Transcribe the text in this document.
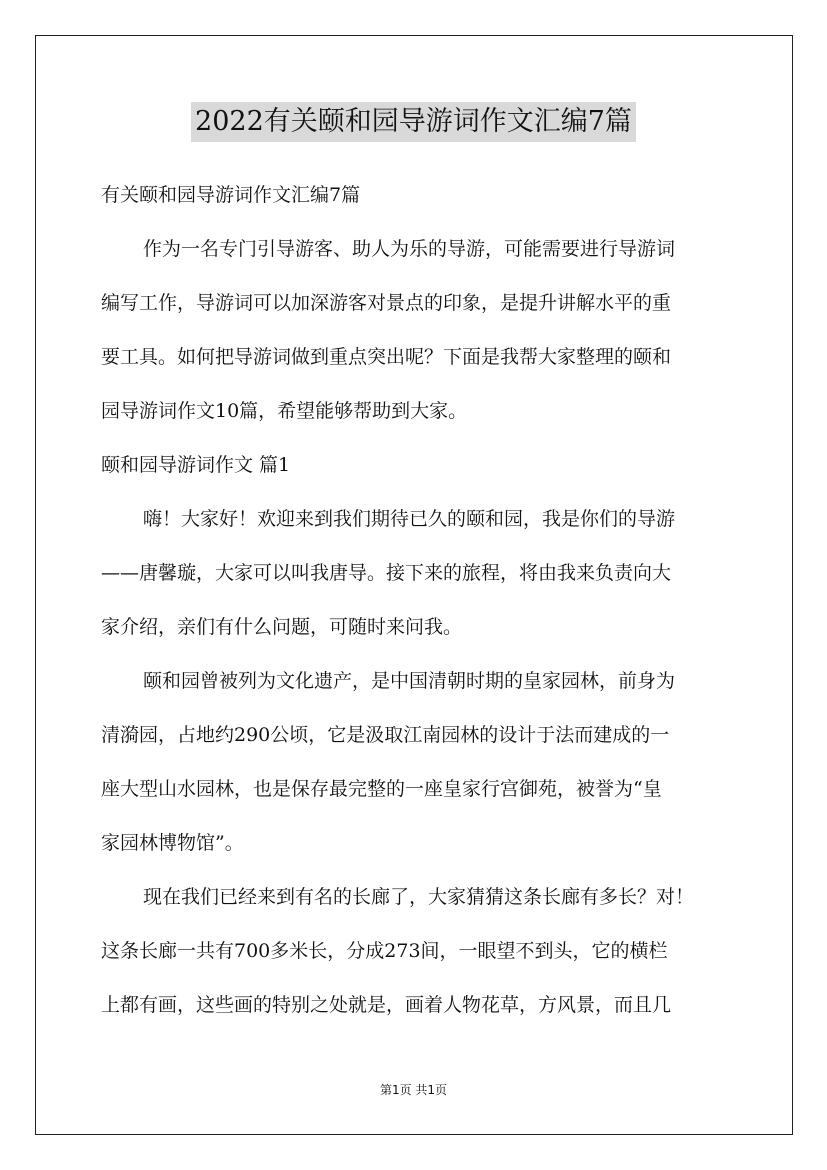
2022有关颐和园导游词作文汇编7篇
有关颐和园导游词作文汇编7篇
作为一名专门引导游客、助人为乐的导游，可能需要进行导游词
编写工作，导游词可以加深游客对景点的印象，是提升讲解水平的重
要工具。如何把导游词做到重点突出呢？下面是我帮大家整理的颐和
园导游词作文10篇，希望能够帮助到大家。
颐和园导游词作文 篇1
嗨！大家好！欢迎来到我们期待已久的颐和园，我是你们的导游
——唐馨璇，大家可以叫我唐导。接下来的旅程，将由我来负责向大
家介绍，亲们有什么问题，可随时来问我。
颐和园曾被列为文化遗产，是中国清朝时期的皇家园林，前身为
清漪园，占地约290公顷，它是汲取江南园林的设计于法而建成的一
座大型山水园林，也是保存最完整的一座皇家行宫御苑，被誉为“皇
家园林博物馆”。
现在我们已经来到有名的长廊了，大家猜猜这条长廊有多长？对！
这条长廊一共有700多米长，分成273间，一眼望不到头，它的横栏
上都有画，这些画的特别之处就是，画着人物花草，方风景，而且几
第1页 共1页
